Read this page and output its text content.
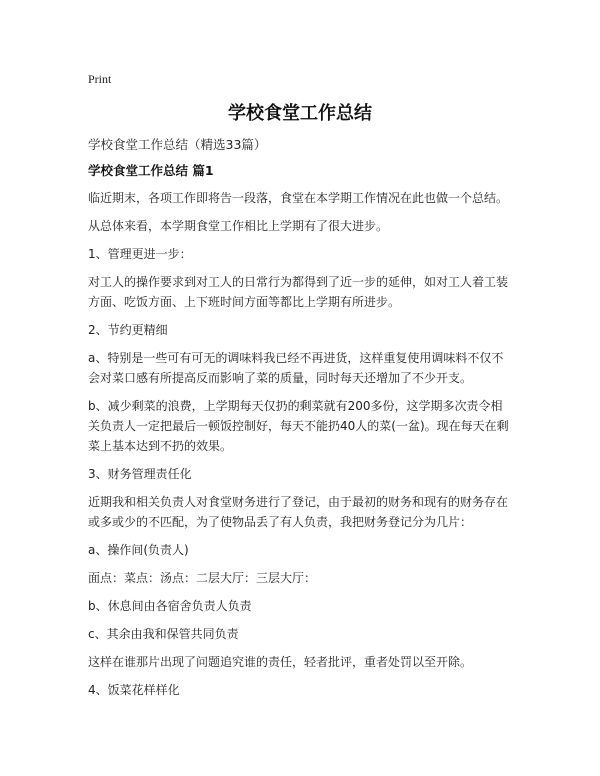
Print
学校食堂工作总结
学校食堂工作总结（精选33篇）
学校食堂工作总结 篇1

临近期末，各项工作即将告一段落，食堂在本学期工作情况在此也做一个总结。

从总体来看，本学期食堂工作相比上学期有了很大进步。

1、管理更进一步：

对工人的操作要求到对工人的日常行为都得到了近一步的延伸，如对工人着工装方面、吃饭方面、上下班时间方面等都比上学期有所进步。

2、节约更精细

a、特别是一些可有可无的调味料我已经不再进货，这样重复使用调味料不仅不会对菜口感有所提高反而影响了菜的质量，同时每天还增加了不少开支。

b、减少剩菜的浪费，上学期每天仅扔的剩菜就有200多份，这学期多次责令相关负责人一定把最后一顿饭控制好，每天不能扔40人的菜(一盆)。现在每天在剩菜上基本达到不扔的效果。

3、财务管理责任化

近期我和相关负责人对食堂财务进行了登记，由于最初的财务和现有的财务存在或多或少的不匹配，为了使物品丢了有人负责，我把财务登记分为几片：

a、操作间(负责人)

面点：菜点：汤点：二层大厅：三层大厅：

b、休息间由各宿舍负责人负责

c、其余由我和保管共同负责

这样在谁那片出现了问题追究谁的责任，轻者批评，重者处罚以至开除。

4、饭菜花样样化
